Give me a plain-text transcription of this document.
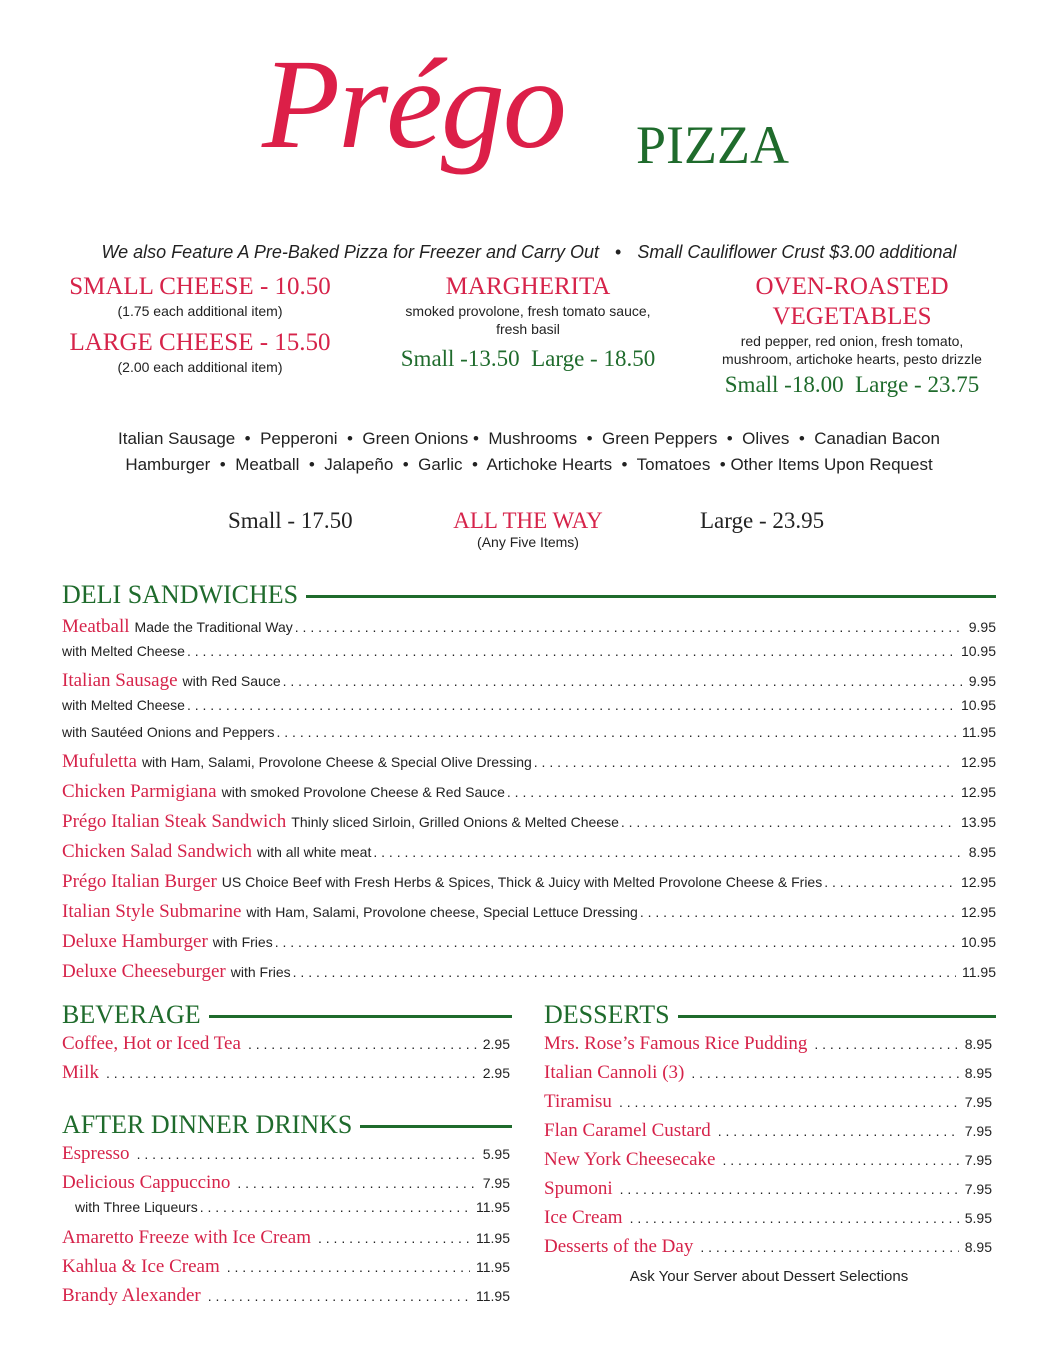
Prégo PIZZA
We also Feature A Pre-Baked Pizza for Freezer and Carry Out • Small Cauliflower Crust $3.00 additional
SMALL CHEESE - 10.50
(1.75 each additional item)
LARGE CHEESE - 15.50
(2.00 each additional item)
MARGHERITA
smoked provolone, fresh tomato sauce,
fresh basil
Small -13.50  Large - 18.50
OVEN-ROASTED
VEGETABLES
red pepper, red onion, fresh tomato,
mushroom, artichoke hearts, pesto drizzle
Small -18.00  Large - 23.75
Italian Sausage  •  Pepperoni  •  Green Onions •  Mushrooms  •  Green Peppers  •  Olives  •  Canadian Bacon
Hamburger  •  Meatball  •  Jalapeño  •  Garlic  •  Artichoke Hearts  •  Tomatoes  • Other Items Upon Request
Small - 17.50	ALL THE WAY
(Any Five Items)
Large - 23.95
DELI SANDWICHES
Meatball Made the Traditional Way . . .	9.95
with Melted Cheese . . .	10.95
Italian Sausage with Red Sauce . . .	9.95
with Melted Cheese . . .	10.95
with Sautéed Onions and Peppers . . .	11.95
Mufuletta with Ham, Salami, Provolone Cheese & Special Olive Dressing . . .	12.95
Chicken Parmigiana with smoked Provolone Cheese & Red Sauce . . .	12.95
Prégo Italian Steak Sandwich Thinly sliced Sirloin, Grilled Onions & Melted Cheese . . .	13.95
Chicken Salad Sandwich with all white meat . . .	8.95
Prégo Italian Burger US Choice Beef with Fresh Herbs & Spices, Thick & Juicy with Melted Provolone Cheese & Fries . . .	12.95
Italian Style Submarine with Ham, Salami, Provolone cheese, Special Lettuce Dressing . . .	12.95
Deluxe Hamburger with Fries . . .	10.95
Deluxe Cheeseburger with Fries . . .	11.95
BEVERAGE
Coffee, Hot or Iced Tea . . .	2.95
Milk . . .	2.95
AFTER DINNER DRINKS
Espresso . . .	5.95
Delicious Cappuccino . . .	7.95
with Three Liqueurs . . .	11.95
Amaretto Freeze with Ice Cream . . .	11.95
Kahlua & Ice Cream . . .	11.95
Brandy Alexander . . .	11.95
DESSERTS
Mrs. Rose’s Famous Rice Pudding . . .	8.95
Italian Cannoli (3) . . .	8.95
Tiramisu . . .	7.95
Flan Caramel Custard . . .	7.95
New York Cheesecake . . .	7.95
Spumoni . . .	7.95
Ice Cream . . .	5.95
Desserts of the Day . . .	8.95
Ask Your Server about Dessert Selections
